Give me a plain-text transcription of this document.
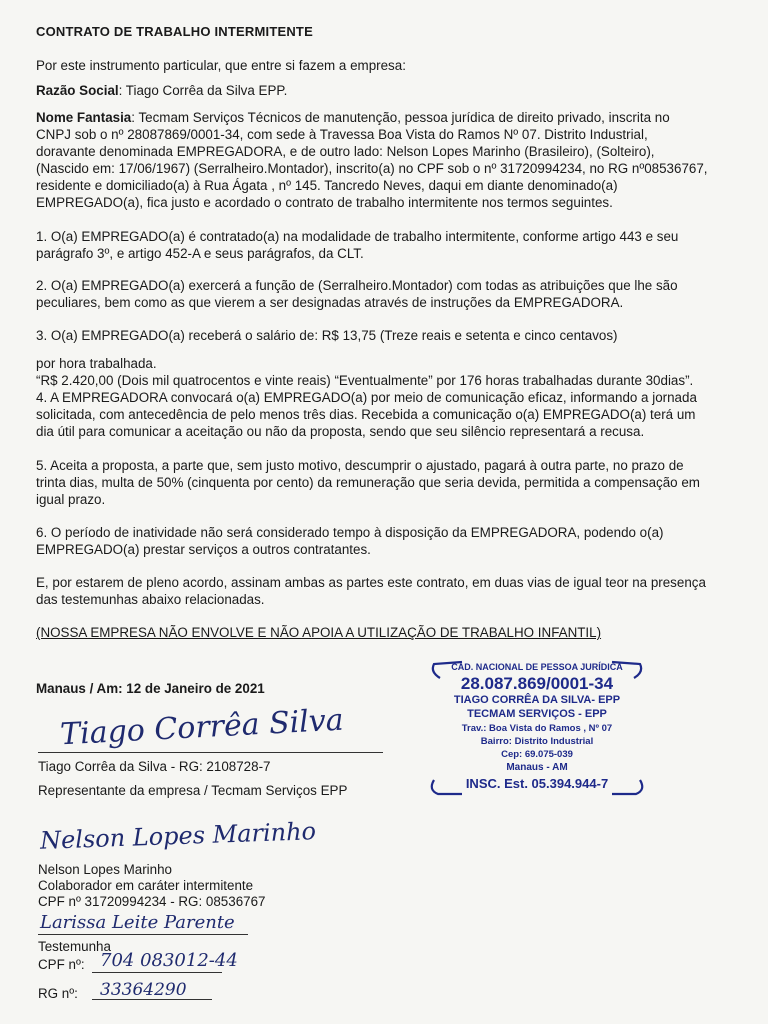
CONTRATO DE TRABALHO INTERMITENTE
Por este instrumento particular, que entre si fazem a empresa:
Razão Social: Tiago Corrêa da Silva EPP.
Nome Fantasia: Tecmam Serviços Técnicos de manutenção, pessoa jurídica de direito privado, inscrita no
CNPJ sob o nº 28087869/0001-34, com sede à Travessa Boa Vista do Ramos Nº 07. Distrito Industrial,
doravante denominada EMPREGADORA, e de outro lado: Nelson Lopes Marinho (Brasileiro), (Solteiro),
(Nascido em: 17/06/1967) (Serralheiro.Montador), inscrito(a) no CPF sob o nº 31720994234, no RG nº08536767,
residente e domiciliado(a) à Rua Ágata , nº 145. Tancredo Neves, daqui em diante denominado(a)
EMPREGADO(a), fica justo e acordado o contrato de trabalho intermitente nos termos seguintes.
1. O(a) EMPREGADO(a) é contratado(a) na modalidade de trabalho intermitente, conforme artigo 443 e seu
parágrafo 3º, e artigo 452-A e seus parágrafos, da CLT.
2. O(a) EMPREGADO(a) exercerá a função de (Serralheiro.Montador) com todas as atribuições que lhe são
peculiares, bem como as que vierem a ser designadas através de instruções da EMPREGADORA.
3. O(a) EMPREGADO(a) receberá o salário de: R$ 13,75 (Treze reais e setenta e cinco centavos)
por hora trabalhada.
“R$ 2.420,00 (Dois mil quatrocentos e vinte reais) “Eventualmente” por 176 horas trabalhadas durante 30dias”.
4. A EMPREGADORA convocará o(a) EMPREGADO(a) por meio de comunicação eficaz, informando a jornada
solicitada, com antecedência de pelo menos três dias. Recebida a comunicação o(a) EMPREGADO(a) terá um
dia útil para comunicar a aceitação ou não da proposta, sendo que seu silêncio representará a recusa.
5. Aceita a proposta, a parte que, sem justo motivo, descumprir o ajustado, pagará à outra parte, no prazo de
trinta dias, multa de 50% (cinquenta por cento) da remuneração que seria devida, permitida a compensação em
igual prazo.
6. O período de inatividade não será considerado tempo à disposição da EMPREGADORA, podendo o(a)
EMPREGADO(a) prestar serviços a outros contratantes.
E, por estarem de pleno acordo, assinam ambas as partes este contrato, em duas vias de igual teor na presença
das testemunhas abaixo relacionadas.
(NOSSA EMPRESA NÃO ENVOLVE E NÃO APOIA A UTILIZAÇÃO DE TRABALHO INFANTIL)
Manaus / Am: 12 de Janeiro de 2021
Tiago Corrêa Silva
Tiago Corrêa da Silva - RG: 2108728-7
Representante da empresa / Tecmam Serviços EPP
Nelson Lopes Marinho
Nelson Lopes Marinho
Colaborador em caráter intermitente
CPF nº 31720994234 - RG: 08536767
Larissa Leite Parente
Testemunha
CPF nº: 704 083012-44
RG nº: 33364290
CAD. NACIONAL DE PESSOA JURÍDICA
28.087.869/0001-34
TIAGO CORRÊA DA SILVA- EPP
TECMAM SERVIÇOS - EPP
Trav.: Boa Vista do Ramos , Nº 07
Bairro: Distrito Industrial
Cep: 69.075-039
Manaus - AM
INSC. Est. 05.394.944-7
